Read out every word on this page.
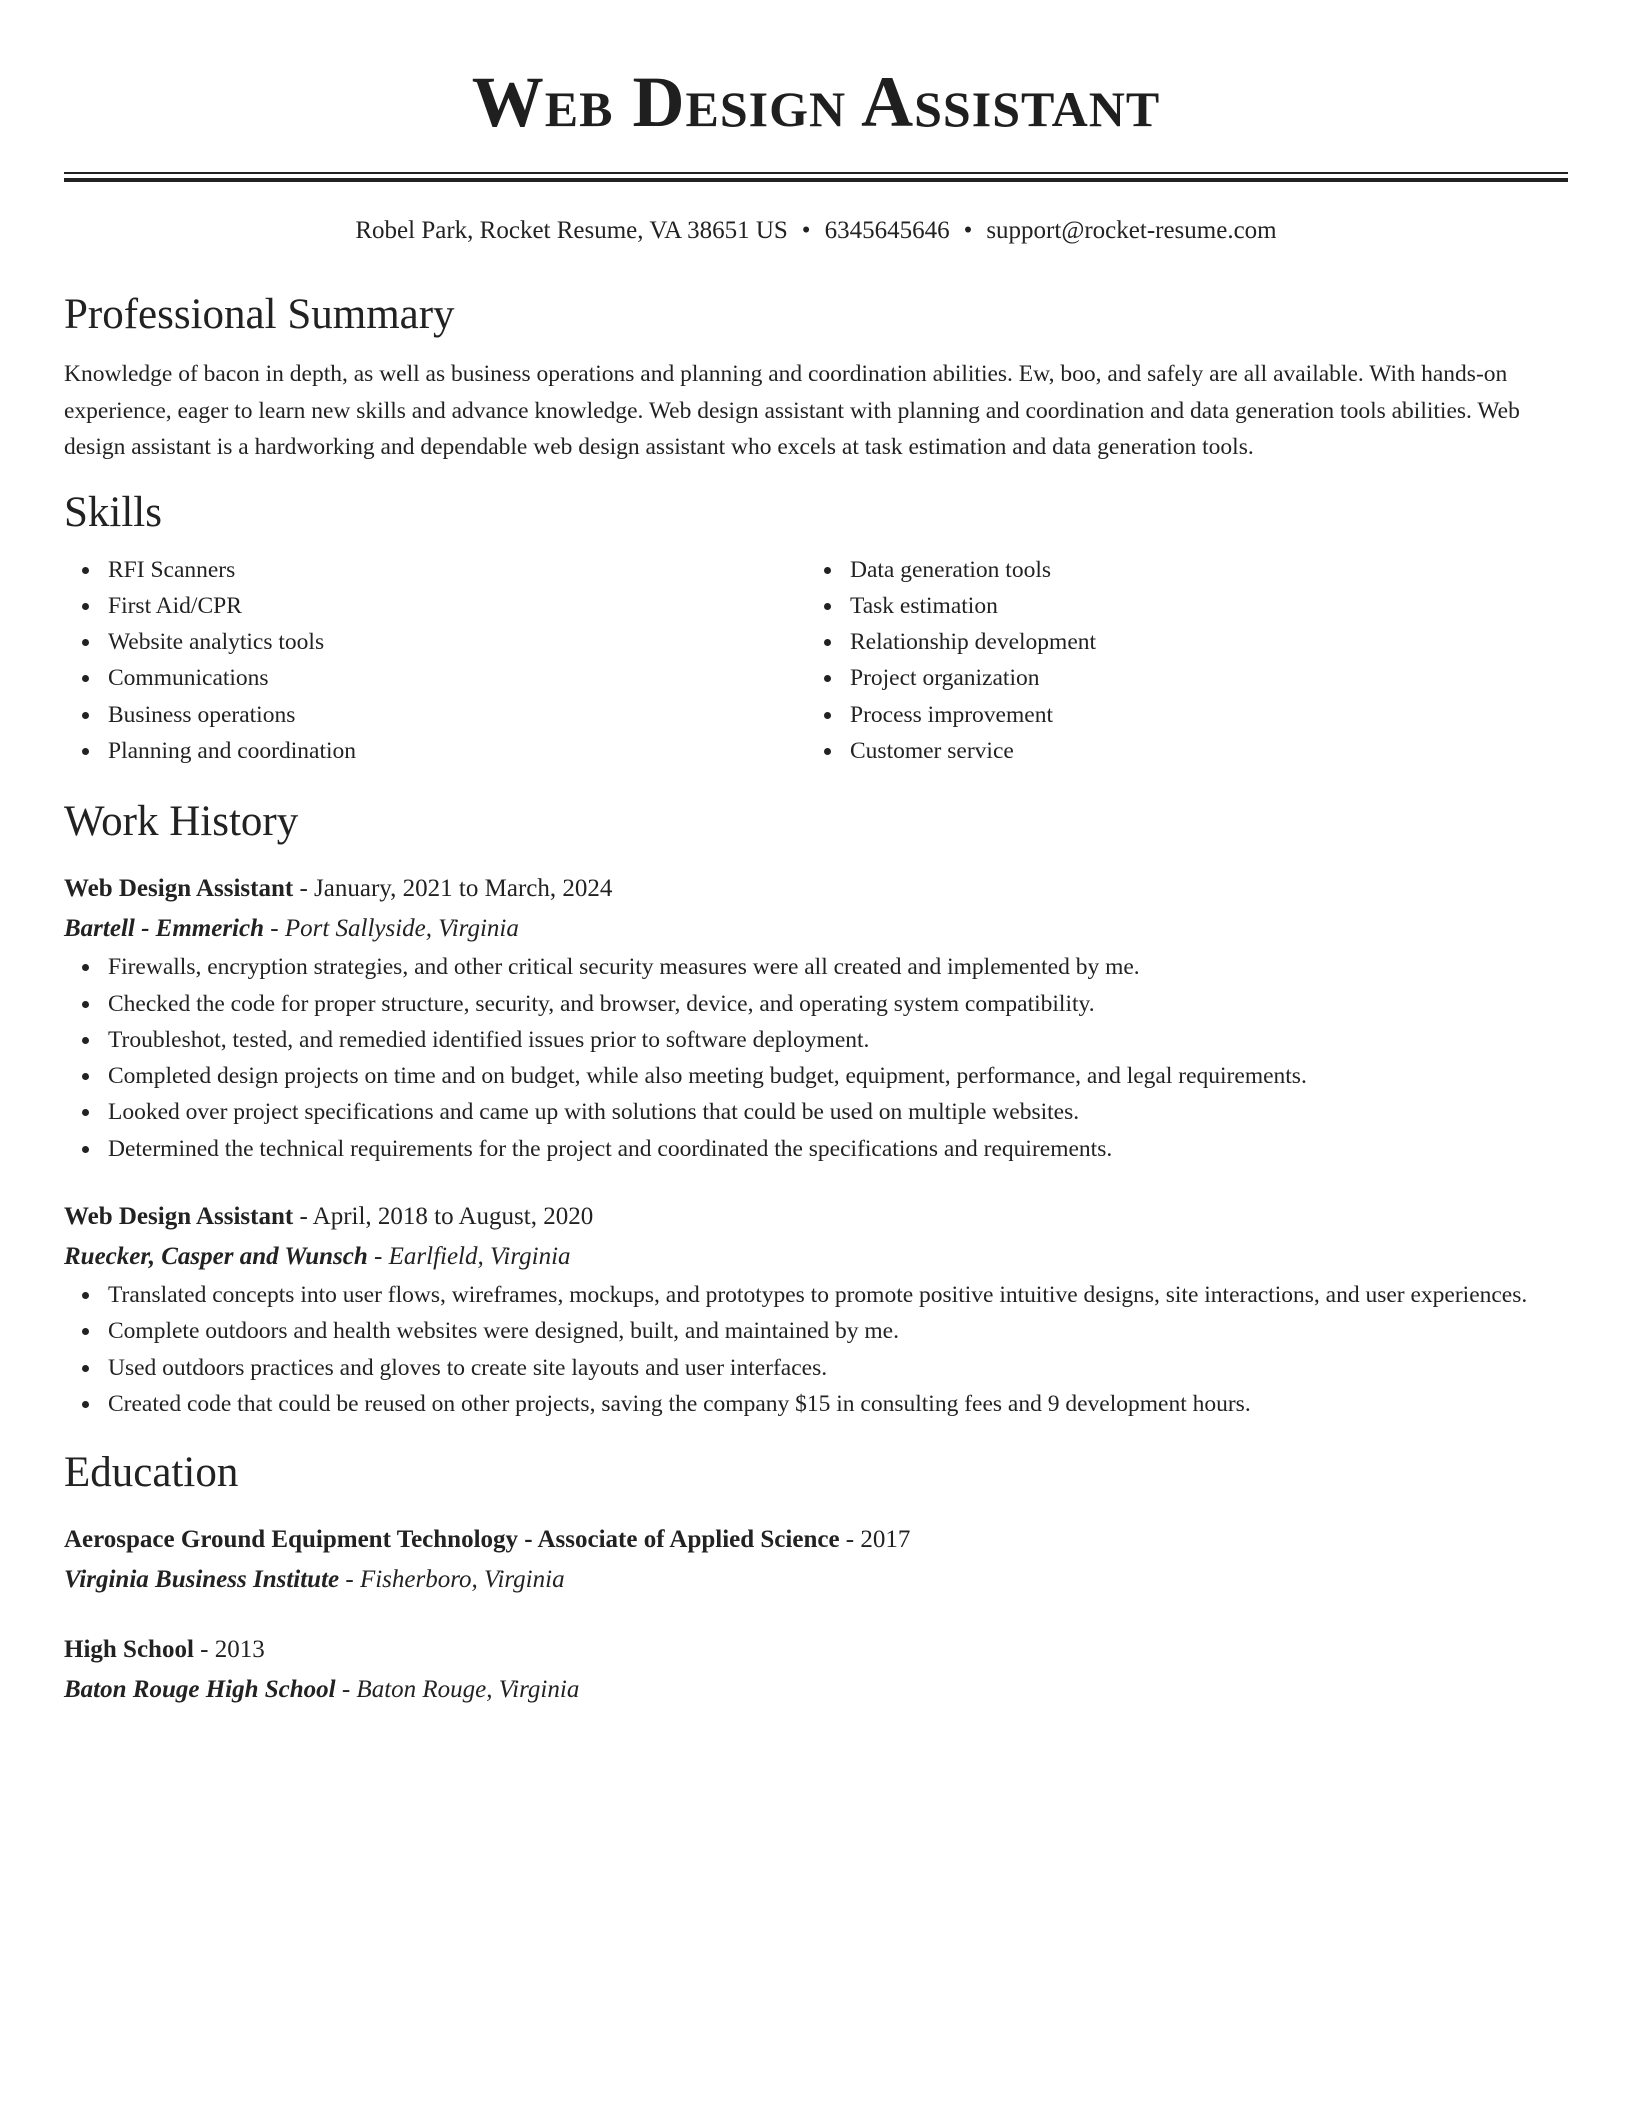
Web Design Assistant
Robel Park, Rocket Resume, VA 38651 US • 6345645646 • support@rocket-resume.com
Professional Summary

Knowledge of bacon in depth, as well as business operations and planning and coordination abilities. Ew, boo, and safely are all available. With hands-on experience, eager to learn new skills and advance knowledge. Web design assistant with planning and coordination and data generation tools abilities. Web design assistant is a hardworking and dependable web design assistant who excels at task estimation and data generation tools.

Skills
RFI Scanners
First Aid/CPR
Website analytics tools
Communications
Business operations
Planning and coordination
Data generation tools
Task estimation
Relationship development
Project organization
Process improvement
Customer service
Work History
Web Design Assistant - January, 2021 to March, 2024
Bartell - Emmerich - Port Sallyside, Virginia
Firewalls, encryption strategies, and other critical security measures were all created and implemented by me.
Checked the code for proper structure, security, and browser, device, and operating system compatibility.
Troubleshot, tested, and remedied identified issues prior to software deployment.
Completed design projects on time and on budget, while also meeting budget, equipment, performance, and legal requirements.
Looked over project specifications and came up with solutions that could be used on multiple websites.
Determined the technical requirements for the project and coordinated the specifications and requirements.
Web Design Assistant - April, 2018 to August, 2020
Ruecker, Casper and Wunsch - Earlfield, Virginia
Translated concepts into user flows, wireframes, mockups, and prototypes to promote positive intuitive designs, site interactions, and user experiences.
Complete outdoors and health websites were designed, built, and maintained by me.
Used outdoors practices and gloves to create site layouts and user interfaces.
Created code that could be reused on other projects, saving the company $15 in consulting fees and 9 development hours.
Education
Aerospace Ground Equipment Technology - Associate of Applied Science - 2017
Virginia Business Institute - Fisherboro, Virginia
High School - 2013
Baton Rouge High School - Baton Rouge, Virginia
